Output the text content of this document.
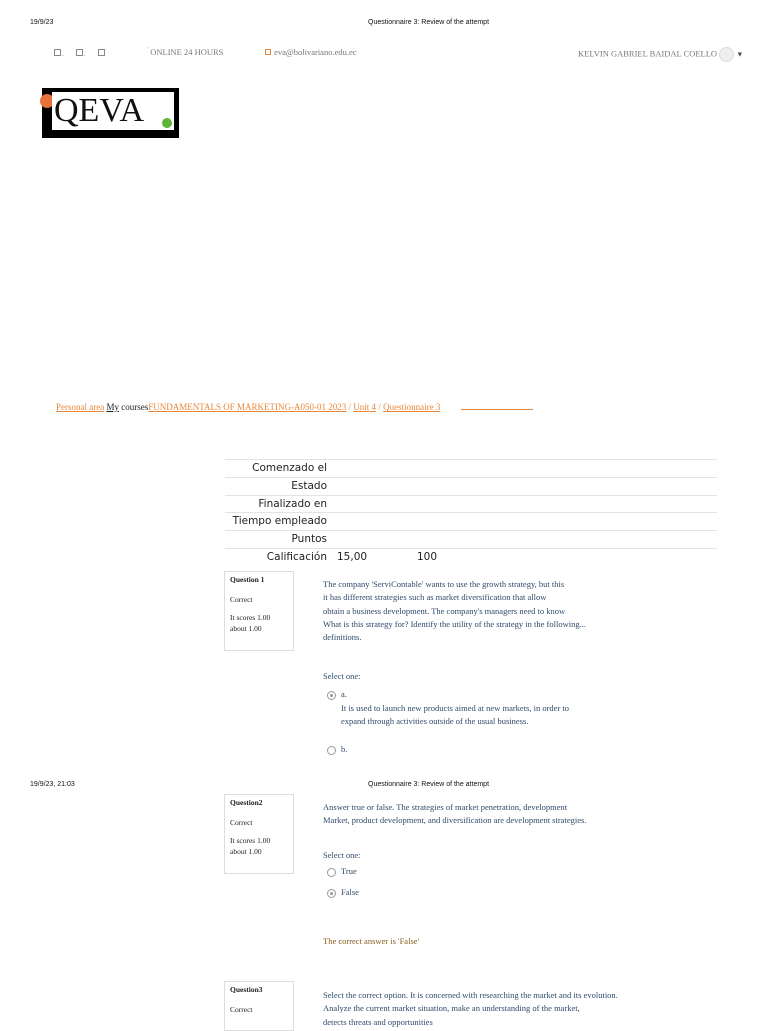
19/9/23	Questionnaire 3: Review of the attempt
.	.	' ONLINE 24 HOURS	eva@bolivariano.edu.ec	KELVIN GABRIEL BAIDAL COELLO	▼
QEVA
Personal area My coursesFUNDAMENTALS OF MARKETING-A050-01 2023 / Unit 4 / Questionnaire 3
Comenzado el
Estado
Finalizado en
Tiempo empleado
Puntos
Calificación 15,00	100
Question 1
Correct
It scores 1.00
about 1.00
The company 'ServiContable' wants to use the growth strategy, but this
it has different strategies such as market diversification that allow
obtain a business development. The company's managers need to know
What is this strategy for? Identify the utility of the strategy in the following...
definitions.
Select one:
a.
It is used to launch new products aimed at new markets, in order to
expand through activities outside of the usual business.
b.
19/9/23, 21:03	Questionnaire 3: Review of the attempt
Question2
Correct
It scores 1.00
about 1.00
Answer true or false. The strategies of market penetration, development
Market, product development, and diversification are development strategies.
Select one:
True
False
The correct answer is 'False'
Question3
Correct
Select the correct option. It is concerned with researching the market and its evolution.
Analyze the current market situation, make an understanding of the market,
detects threats and opportunities
